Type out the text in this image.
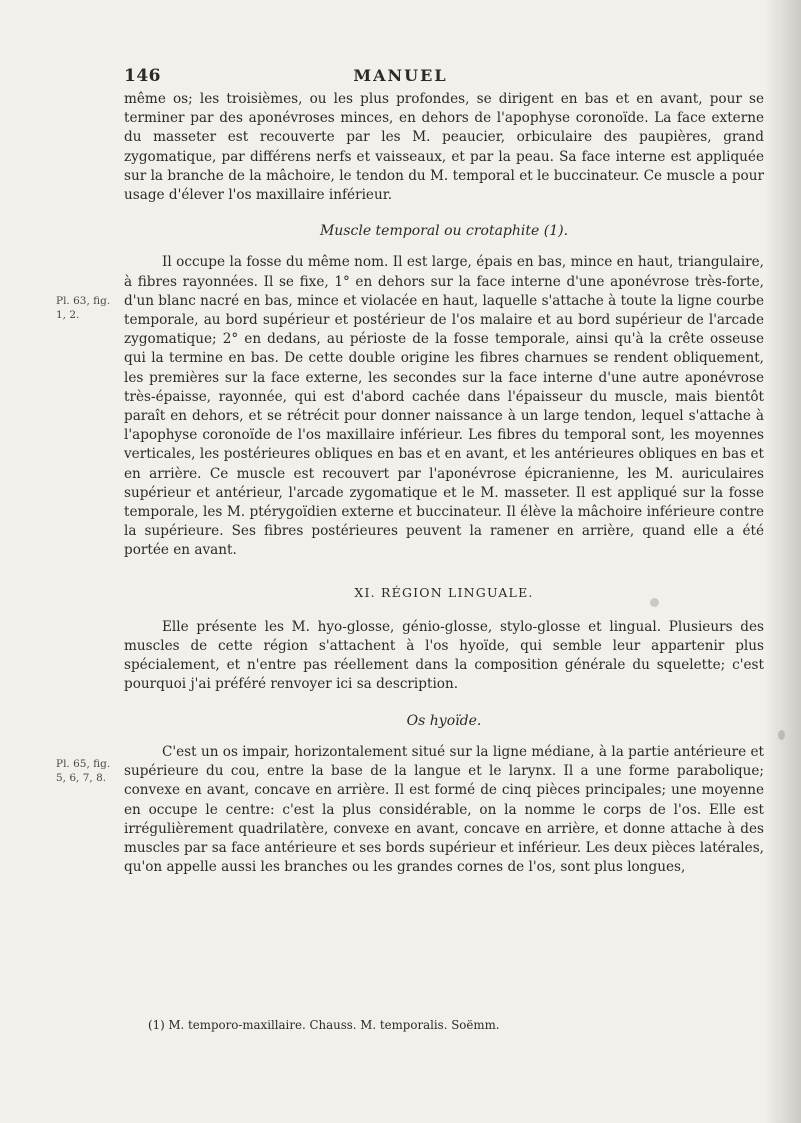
146	MANUEL
Pl. 63, fig. 1, 2.
Pl. 65, fig. 5, 6, 7, 8.

même os; les troisièmes, ou les plus profondes, se dirigent en bas et en avant, pour se terminer par des aponévroses minces, en dehors de l'apophyse coronoïde. La face externe du masseter est recouverte par les M. peaucier, orbiculaire des paupières, grand zygomatique, par différens nerfs et vaisseaux, et par la peau. Sa face interne est appliquée sur la branche de la mâchoire, le tendon du M. temporal et le buccinateur. Ce muscle a pour usage d'élever l'os maxillaire inférieur.

Muscle temporal ou crotaphite (1).

Il occupe la fosse du même nom. Il est large, épais en bas, mince en haut, triangulaire, à fibres rayonnées. Il se fixe, 1° en dehors sur la face interne d'une aponévrose très-forte, d'un blanc nacré en bas, mince et violacée en haut, laquelle s'attache à toute la ligne courbe temporale, au bord supérieur et postérieur de l'os malaire et au bord supérieur de l'arcade zygomatique; 2° en dedans, au périoste de la fosse temporale, ainsi qu'à la crête osseuse qui la termine en bas. De cette double origine les fibres charnues se rendent obliquement, les premières sur la face externe, les secondes sur la face interne d'une autre aponévrose très-épaisse, rayonnée, qui est d'abord cachée dans l'épaisseur du muscle, mais bientôt paraît en dehors, et se rétrécit pour donner naissance à un large tendon, lequel s'attache à l'apophyse coronoïde de l'os maxillaire inférieur. Les fibres du temporal sont, les moyennes verticales, les postérieures obliques en bas et en avant, et les antérieures obliques en bas et en arrière. Ce muscle est recouvert par l'aponévrose épicranienne, les M. auriculaires supérieur et antérieur, l'arcade zygomatique et le M. masseter. Il est appliqué sur la fosse temporale, les M. ptérygoïdien externe et buccinateur. Il élève la mâchoire inférieure contre la supérieure. Ses fibres postérieures peuvent la ramener en arrière, quand elle a été portée en avant.

XI. RÉGION LINGUALE.

Elle présente les M. hyo-glosse, génio-glosse, stylo-glosse et lingual. Plusieurs des muscles de cette région s'attachent à l'os hyoïde, qui semble leur appartenir plus spécialement, et n'entre pas réellement dans la composition générale du squelette; c'est pourquoi j'ai préféré renvoyer ici sa description.

Os hyoïde.

C'est un os impair, horizontalement situé sur la ligne médiane, à la partie antérieure et supérieure du cou, entre la base de la langue et le larynx. Il a une forme parabolique; convexe en avant, concave en arrière. Il est formé de cinq pièces principales; une moyenne en occupe le centre: c'est la plus considérable, on la nomme le corps de l'os. Elle est irrégulièrement quadrilatère, convexe en avant, concave en arrière, et donne attache à des muscles par sa face antérieure et ses bords supérieur et inférieur. Les deux pièces latérales, qu'on appelle aussi les branches ou les grandes cornes de l'os, sont plus longues,

(1) M. temporo-maxillaire. Chauss. M. temporalis. Soëmm.
